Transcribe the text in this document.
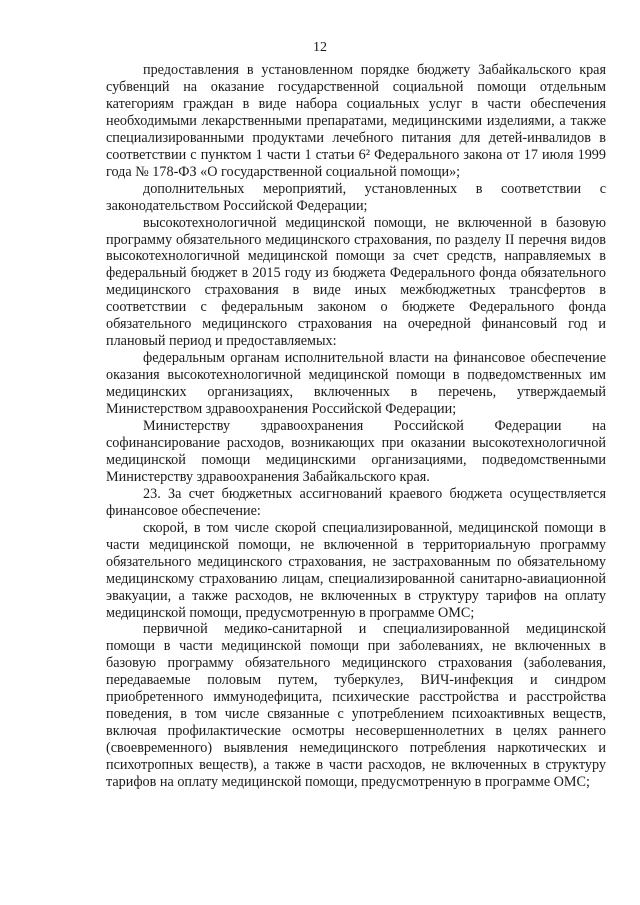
12

предоставления в установленном порядке бюджету Забайкальского края субвенций на оказание государственной социальной помощи отдельным категориям граждан в виде набора социальных услуг в части обеспечения необходимыми лекарственными препаратами, медицинскими изделиями, а также специализированными продуктами лечебного питания для детей-инвалидов в соответствии с пунктом 1 части 1 статьи 6² Федерального закона от 17 июля 1999 года № 178-ФЗ «О государственной социальной помощи»;

дополнительных мероприятий, установленных в соответствии с законодательством Российской Федерации;

высокотехнологичной медицинской помощи, не включенной в базовую программу обязательного медицинского страхования, по разделу II перечня видов высокотехнологичной медицинской помощи за счет средств, направляемых в федеральный бюджет в 2015 году из бюджета Федерального фонда обязательного медицинского страхования в виде иных межбюджетных трансфертов в соответствии с федеральным законом о бюджете Федерального фонда обязательного медицинского страхования на очередной финансовый год и плановый период и предоставляемых:

федеральным органам исполнительной власти на финансовое обеспечение оказания высокотехнологичной медицинской помощи в подведомственных им медицинских организациях, включенных в перечень, утверждаемый Министерством здравоохранения Российской Федерации;

Министерству здравоохранения Российской Федерации на софинансирование расходов, возникающих при оказании высокотехнологичной медицинской помощи медицинскими организациями, подведомственными Министерству здравоохранения Забайкальского края.

23. За счет бюджетных ассигнований краевого бюджета осуществляется финансовое обеспечение:

скорой, в том числе скорой специализированной, медицинской помощи в части медицинской помощи, не включенной в территориальную программу обязательного медицинского страхования, не застрахованным по обязательному медицинскому страхованию лицам, специализированной санитарно-авиационной эвакуации, а также расходов, не включенных в структуру тарифов на оплату медицинской помощи, предусмотренную в программе ОМС;

первичной медико-санитарной и специализированной медицинской помощи в части медицинской помощи при заболеваниях, не включенных в базовую программу обязательного медицинского страхования (заболевания, передаваемые половым путем, туберкулез, ВИЧ-инфекция и синдром приобретенного иммунодефицита, психические расстройства и расстройства поведения, в том числе связанные с употреблением психоактивных веществ, включая профилактические осмотры несовершеннолетних в целях раннего (своевременного) выявления немедицинского потребления наркотических и психотропных веществ), а также в части расходов, не включенных в структуру тарифов на оплату медицинской помощи, предусмотренную в программе ОМС;
